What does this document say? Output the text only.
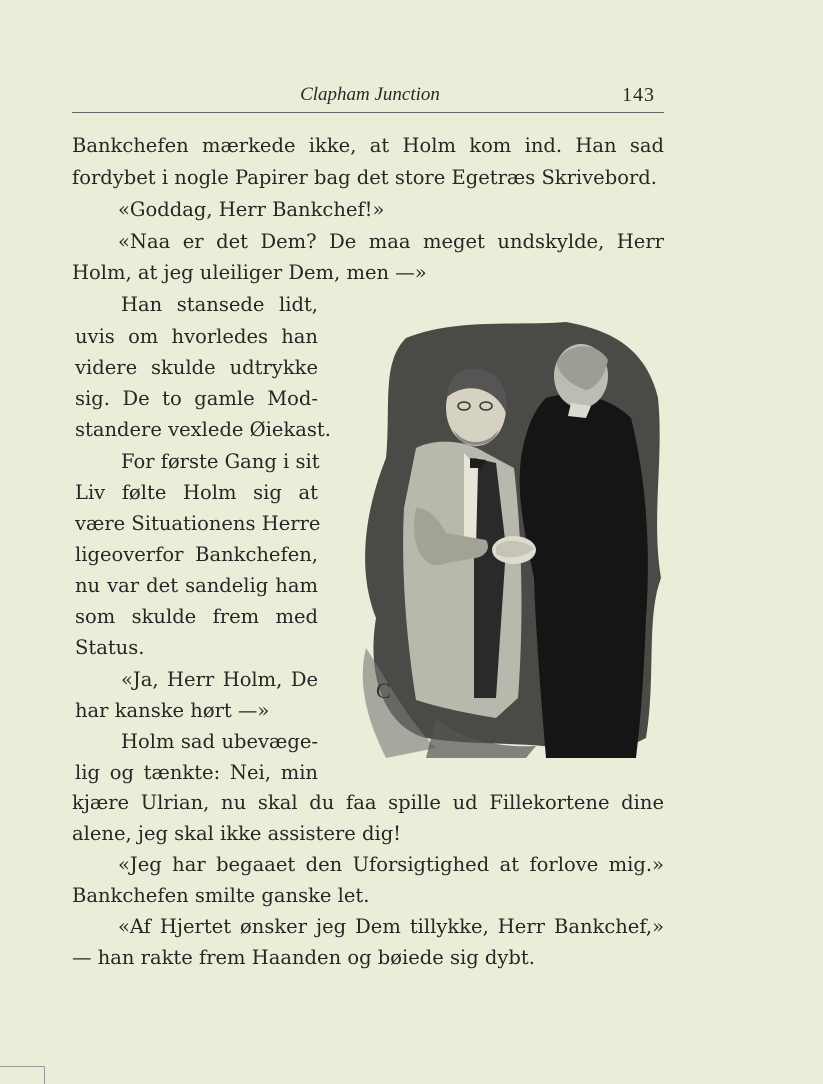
Clapham Junction	143
Bankchefen mærkede ikke, at Holm kom ind. Han sad
fordybet i nogle Papirer bag det store Egetræs Skrivebord.
«Goddag, Herr Bankchef!»
«Naa er det Dem? De maa meget undskylde, Herr
Holm, at jeg uleiliger Dem, men —»
Han stansede lidt,
uvis om hvorledes han
videre skulde udtrykke
sig. De to gamle Mod-
standere vexlede Øiekast.
For første Gang i sit
Liv følte Holm sig at
være Situationens Herre
ligeoverfor Bankchefen,
nu var det sandelig ham
som skulde frem med
Status.
«Ja, Herr Holm, De
har kanske hørt —»
Holm sad ubevæge-
lig og tænkte: Nei, min
kjære Ulrian, nu skal du faa spille ud Fillekortene dine
alene, jeg skal ikke assistere dig!
«Jeg har begaaet den Uforsigtighed at forlove mig.»
Bankchefen smilte ganske let.
«Af Hjertet ønsker jeg Dem tillykke, Herr Bankchef,»
— han rakte frem Haanden og bøiede sig dybt.
C
